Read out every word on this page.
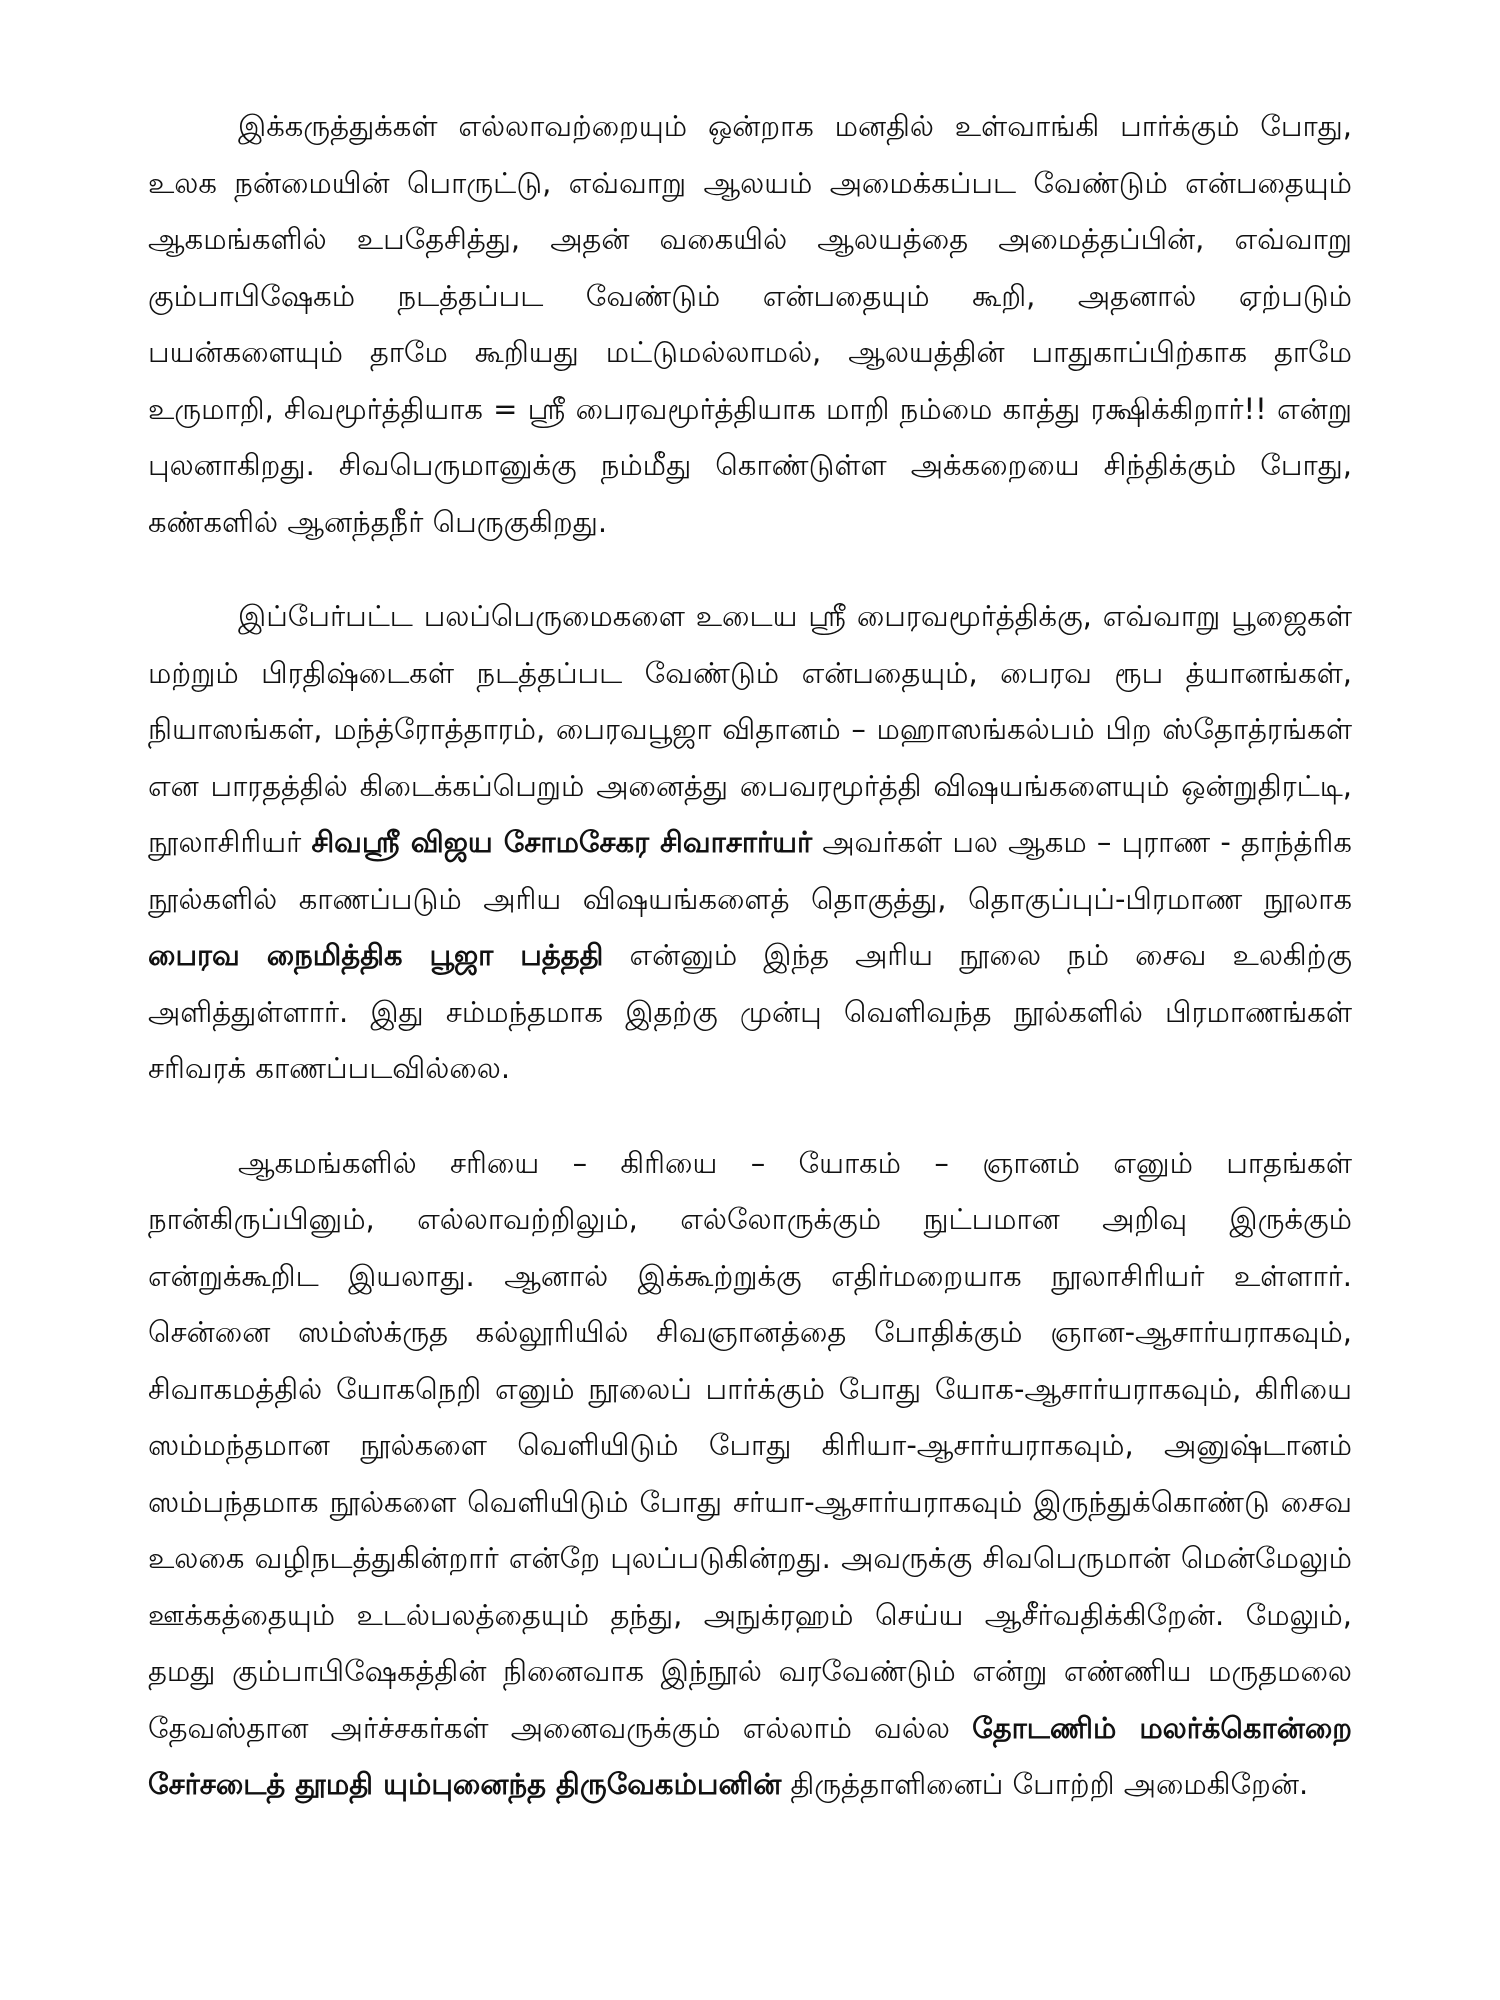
இக்கருத்துக்கள் எல்லாவற்றையும் ஒன்றாக மனதில் உள்வாங்கி பார்க்கும் போது, உலக நன்மையின் பொருட்டு, எவ்வாறு ஆலயம் அமைக்கப்பட வேண்டும் என்பதையும் ஆகமங்களில் உபதேசித்து, அதன் வகையில் ஆலயத்தை அமைத்தப்பின், எவ்வாறு கும்பாபிஷேகம் நடத்தப்பட வேண்டும் என்பதையும் கூறி, அதனால் ஏற்படும் பயன்களையும் தாமே கூறியது மட்டுமல்லாமல், ஆலயத்தின் பாதுகாப்பிற்காக தாமே உருமாறி, சிவமூர்த்தியாக = ஸ்ரீ பைரவமூர்த்தியாக மாறி நம்மை காத்து ரக்ஷிக்கிறார்!! என்று புலனாகிறது. சிவபெருமானுக்கு நம்மீது கொண்டுள்ள அக்கறையை சிந்திக்கும் போது, கண்களில் ஆனந்தநீர் பெருகுகிறது.

இப்பேர்பட்ட பலப்பெருமைகளை உடைய ஸ்ரீ பைரவமூர்த்திக்கு, எவ்வாறு பூஜைகள் மற்றும் பிரதிஷ்டைகள் நடத்தப்பட வேண்டும் என்பதையும், பைரவ ரூப த்யானங்கள், நியாஸங்கள், மந்த்ரோத்தாரம், பைரவபூஜா விதானம் – மஹாஸங்கல்பம் பிற ஸ்தோத்ரங்கள் என பாரதத்தில் கிடைக்கப்பெறும் அனைத்து பைவரமூர்த்தி விஷயங்களையும் ஒன்றுதிரட்டி, நூலாசிரியர் சிவஸ்ரீ விஜய சோமசேகர சிவாசார்யர் அவர்கள் பல ஆகம – புராண - தாந்த்ரிக நூல்களில் காணப்படும் அரிய விஷயங்களைத் தொகுத்து, தொகுப்புப்-பிரமாண நூலாக பைரவ நைமித்திக பூஜா பத்ததி என்னும் இந்த அரிய நூலை நம் சைவ உலகிற்கு அளித்துள்ளார். இது சம்மந்தமாக இதற்கு முன்பு வெளிவந்த நூல்களில் பிரமாணங்கள் சரிவரக் காணப்படவில்லை.

ஆகமங்களில் சரியை – கிரியை – யோகம் – ஞானம் எனும் பாதங்கள் நான்கிருப்பினும், எல்லாவற்றிலும், எல்லோருக்கும் நுட்பமான அறிவு இருக்கும் என்றுக்கூறிட இயலாது. ஆனால் இக்கூற்றுக்கு எதிர்மறையாக நூலாசிரியர் உள்ளார். சென்னை ஸம்ஸ்க்ருத கல்லூரியில் சிவஞானத்தை போதிக்கும் ஞான-ஆசார்யராகவும், சிவாகமத்தில் யோகநெறி எனும் நூலைப் பார்க்கும் போது யோக-ஆசார்யராகவும், கிரியை ஸம்மந்தமான நூல்களை வெளியிடும் போது கிரியா-ஆசார்யராகவும், அனுஷ்டானம் ஸம்பந்தமாக நூல்களை வெளியிடும் போது சர்யா-ஆசார்யராகவும் இருந்துக்கொண்டு சைவ உலகை வழிநடத்துகின்றார் என்றே புலப்படுகின்றது. அவருக்கு சிவபெருமான் மென்மேலும் ஊக்கத்தையும் உடல்பலத்தையும் தந்து, அநுக்ரஹம் செய்ய ஆசீர்வதிக்கிறேன். மேலும், தமது கும்பாபிஷேகத்தின் நினைவாக இந்நூல் வரவேண்டும் என்று எண்ணிய மருதமலை தேவஸ்தான அர்ச்சகர்கள் அனைவருக்கும் எல்லாம் வல்ல தோடணிம் மலர்க்கொன்றை சேர்சடைத் தூமதி யும்புனைந்த திருவேகம்பனின் திருத்தாளினைப் போற்றி அமைகிறேன்.
